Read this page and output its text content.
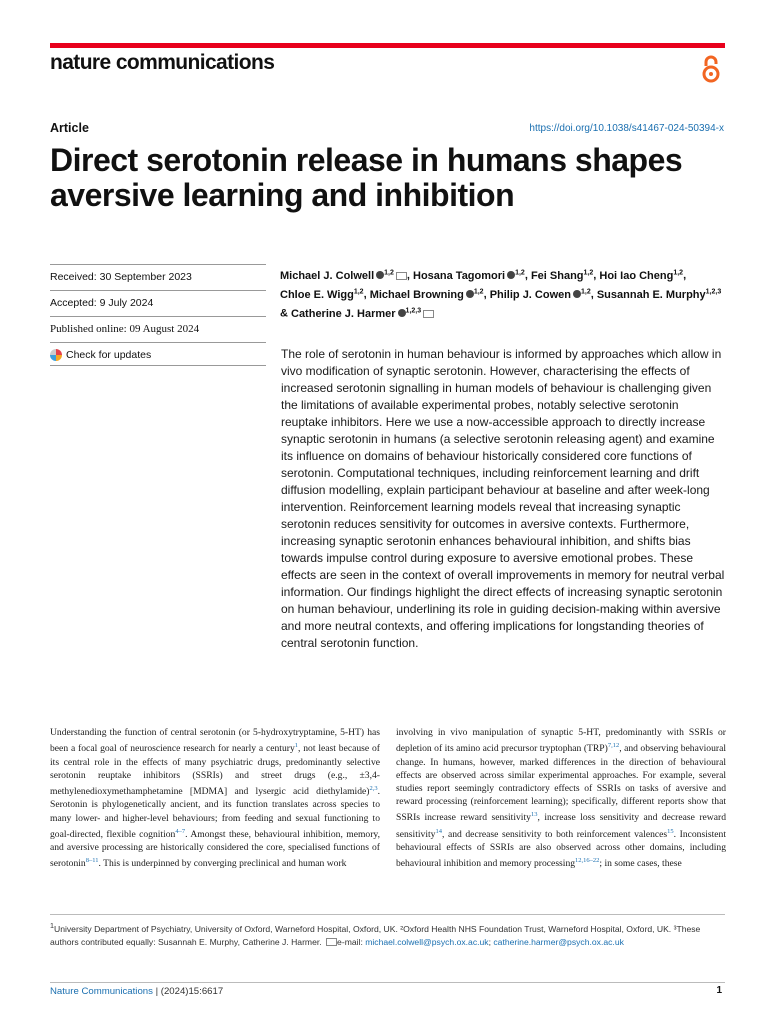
nature communications
Article	https://doi.org/10.1038/s41467-024-50394-x
Direct serotonin release in humans shapes aversive learning and inhibition
Received: 30 September 2023
Accepted: 9 July 2024
Published online: 09 August 2024
Check for updates
Michael J. Colwell $^{1,2}$ , Hosana Tagomori $^{1,2}$, Fei Shang$^{1,2}$, Hoi Iao Cheng$^{1,2}$, Chloe E. Wigg$^{1,2}$, Michael Browning $^{1,2}$, Philip J. Cowen $^{1,2}$, Susannah E. Murphy$^{1,2,3}$ & Catherine J. Harmer $^{1,2,3}$
The role of serotonin in human behaviour is informed by approaches which allow in vivo modification of synaptic serotonin. However, characterising the effects of increased serotonin signalling in human models of behaviour is challenging given the limitations of available experimental probes, notably selective serotonin reuptake inhibitors. Here we use a now-accessible approach to directly increase synaptic serotonin in humans (a selective serotonin releasing agent) and examine its influence on domains of behaviour historically considered core functions of serotonin. Computational techniques, including reinforcement learning and drift diffusion modelling, explain participant behaviour at baseline and after week-long intervention. Reinforcement learning models reveal that increasing synaptic serotonin reduces sensitivity for outcomes in aversive contexts. Furthermore, increasing synaptic serotonin enhances behavioural inhibition, and shifts bias towards impulse control during exposure to aversive emotional probes. These effects are seen in the context of overall improvements in memory for neutral verbal information. Our findings highlight the direct effects of increasing synaptic serotonin on human behaviour, underlining its role in guiding decision-making within aversive and more neutral contexts, and offering implications for longstanding theories of central serotonin function.
Understanding the function of central serotonin (or 5-hydroxytryptamine, 5-HT) has been a focal goal of neuroscience research for nearly a century$^1$, not least because of its central role in the effects of many psychiatric drugs, predominantly selective serotonin reuptake inhibitors (SSRIs) and street drugs (e.g., ±3,4-methylenedioxymethamphetamine [MDMA] and lysergic acid diethylamide)$^{2,3}$. Serotonin is phylogenetically ancient, and its function translates across species to many lower- and higher-level behaviours; from feeding and sexual functioning to goal-directed, flexible cognition$^{4-7}$. Amongst these, behavioural inhibition, memory, and aversive processing are historically considered the core, specialised functions of serotonin$^{8-11}$. This is underpinned by converging preclinical and human work
involving in vivo manipulation of synaptic 5-HT, predominantly with SSRIs or depletion of its amino acid precursor tryptophan (TRP)$^{7,12}$, and observing behavioural change. In humans, however, marked differences in the direction of behavioural effects are observed across similar experimental approaches. For example, several studies report seemingly contradictory effects of SSRIs on tasks of aversive and reward processing (reinforcement learning); specifically, different reports show that SSRIs increase reward sensitivity$^{13}$, increase loss sensitivity and decrease reward sensitivity$^{14}$, and decrease sensitivity to both reinforcement valences$^{15}$. Inconsistent behavioural effects of SSRIs are also observed across other domains, including behavioural inhibition and memory processing$^{12,16-22}$; in some cases, these
$^1$University Department of Psychiatry, University of Oxford, Warneford Hospital, Oxford, UK. ²Oxford Health NHS Foundation Trust, Warneford Hospital, Oxford, UK. ³These authors contributed equally: Susannah E. Murphy, Catherine J. Harmer. e-mail: michael.colwell@psych.ox.ac.uk; catherine.harmer@psych.ox.ac.uk
Nature Communications | (2024)15:6617	1
